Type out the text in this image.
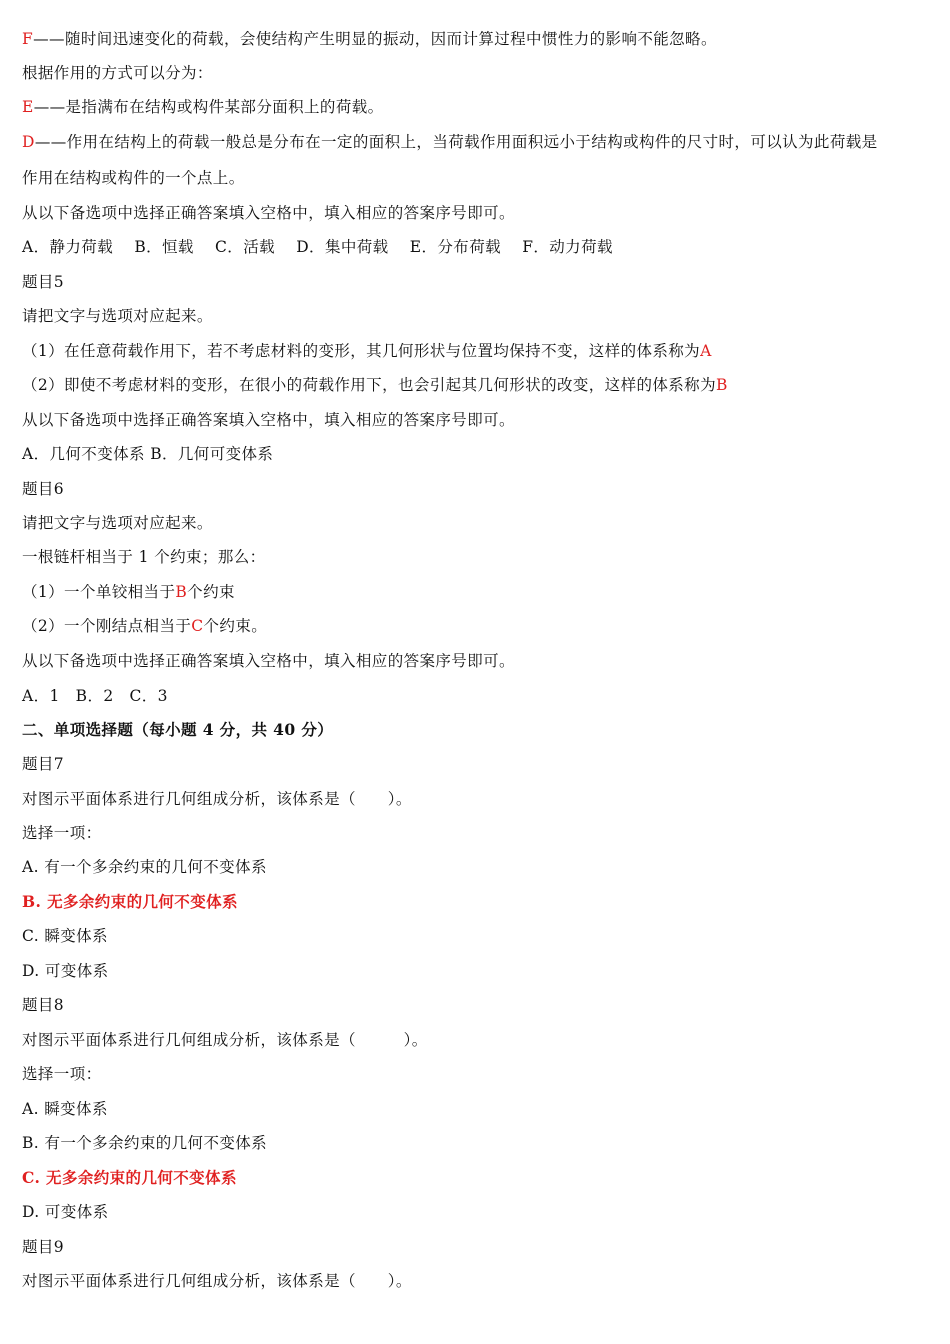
F——随时间迅速变化的荷载，会使结构产生明显的振动，因而计算过程中惯性力的影响不能忽略。
根据作用的方式可以分为：
E——是指满布在结构或构件某部分面积上的荷载。
D——作用在结构上的荷载一般总是分布在一定的面积上，当荷载作用面积远小于结构或构件的尺寸时，可以认为此荷载是
作用在结构或构件的一个点上。
从以下备选项中选择正确答案填入空格中，填入相应的答案序号即可。
A．静力荷载　 B．恒载　 C．活载　 D．集中荷载　 E．分布荷载　 F．动力荷载
题目5
请把文字与选项对应起来。
（1）在任意荷载作用下，若不考虑材料的变形，其几何形状与位置均保持不变，这样的体系称为A
（2）即使不考虑材料的变形，在很小的荷载作用下，也会引起其几何形状的改变，这样的体系称为B
从以下备选项中选择正确答案填入空格中，填入相应的答案序号即可。
A．几何不变体系 B．几何可变体系
题目6
请把文字与选项对应起来。
一根链杆相当于 1 个约束；那么：
（1）一个单铰相当于B个约束
（2）一个刚结点相当于C个约束。
从以下备选项中选择正确答案填入空格中，填入相应的答案序号即可。
A．1　B．2　C．3
二、单项选择题（每小题 4 分，共 40 分）
题目7
对图示平面体系进行几何组成分析，该体系是（　　）。
选择一项：
A. 有一个多余约束的几何不变体系
B. 无多余约束的几何不变体系
C. 瞬变体系
D. 可变体系
题目8
对图示平面体系进行几何组成分析，该体系是（　　　）。
选择一项：
A. 瞬变体系
B. 有一个多余约束的几何不变体系
C. 无多余约束的几何不变体系
D. 可变体系
题目9
对图示平面体系进行几何组成分析，该体系是（　　）。
